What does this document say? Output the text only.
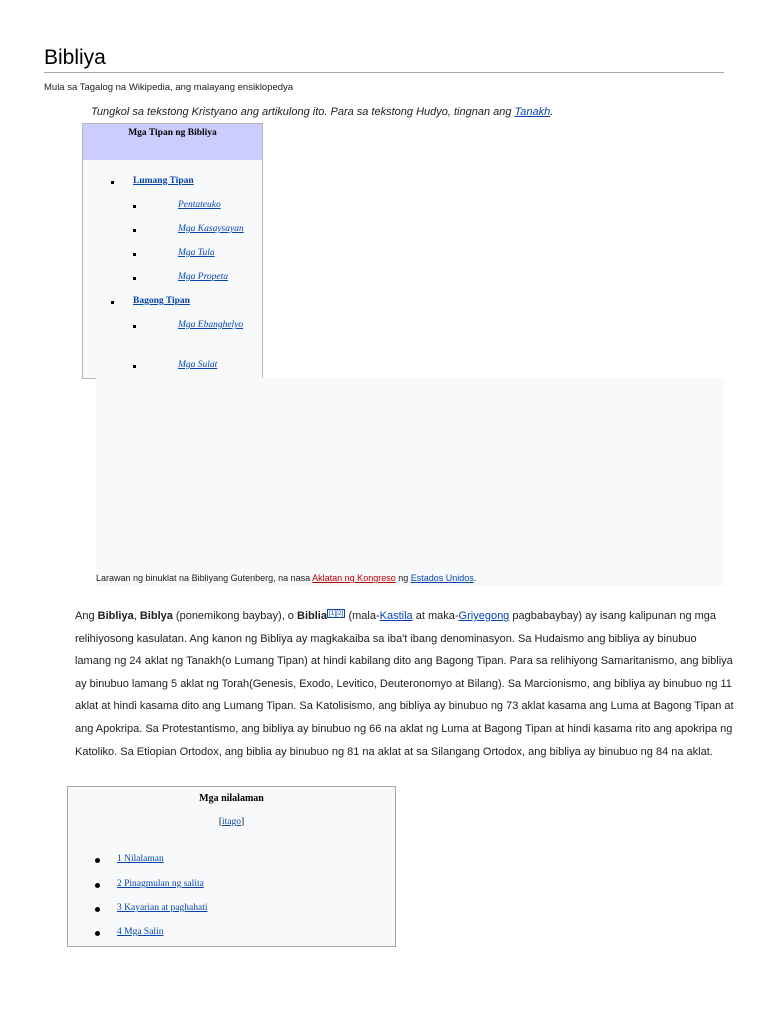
Bibliya
Mula sa Tagalog na Wikipedia, ang malayang ensiklopedya
Tungkol sa tekstong Kristyano ang artikulong ito. Para sa tekstong Hudyo, tingnan ang Tanakh.
Mga Tipan ng Bibliya
Lumang Tipan
Pentateuko
Mga Kasaysayan
Mga Tula
Mga Propeta
Bagong Tipan
Mga Ebanghelyo
Mga Sulat
Larawan ng binuklat na Bibliyang Gutenberg, na nasa Aklatan ng Kongreso ng Estados Unidos.

Ang Bibliya, Biblya (ponemikong baybay), o Biblia [1][2] (mala-Kastila at maka-Griyegong pagbabaybay) ay isang kalipunan ng mga relihiyosong kasulatan. Ang kanon ng Bibliya ay magkakaiba sa iba't ibang denominasyon. Sa Hudaismo ang bibliya ay binubuo lamang ng 24 aklat ng Tanakh(o Lumang Tipan) at hindi kabilang dito ang Bagong Tipan. Para sa relihiyong Samaritanismo, ang bibliya ay binubuo lamang 5 aklat ng Torah(Genesis, Exodo, Levitico, Deuteronomyo at Bilang). Sa Marcionismo, ang bibliya ay binubuo ng 11 aklat at hindi kasama dito ang Lumang Tipan. Sa Katolisismo, ang bibliya ay binubuo ng 73 aklat kasama ang Luma at Bagong Tipan at ang Apokripa. Sa Protestantismo, ang bibliya ay binubuo ng 66 na aklat ng Luma at Bagong Tipan at hindi kasama rito ang apokripa ng Katoliko. Sa Etiopian Ortodox, ang biblia ay binubuo ng 81 na aklat at sa Silangang Ortodox, ang bibliya ay binubuo ng 84 na aklat.

Mga nilalaman
[itago]
1 Nilalaman
2 Pinagmulan ng salita
3 Kayarian at paghahati
4 Mga Salin
